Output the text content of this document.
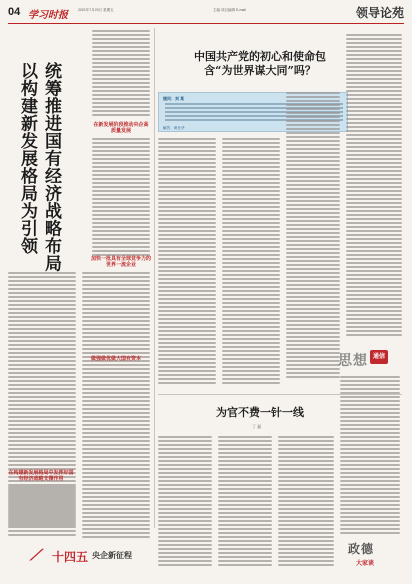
04 学习时报	2021年7月23日 星期五	主编 项目编辑 E-mail	领导论苑
统筹推进国有经济战略布局
以构建新发展格局为引领	在新发展阶段推动央企高质量发展
加快一批具有全球竞争力的世界一流企业
在构建新发展格局中发挥好国有经济战略支撑作用
做强做优做大国有资本
中国共产党的初心和使命包含“为世界谋大同”吗？
提问：刘 某
解答：黄仕华
思想 通信
为官不费一针一线
丁 磊
⟋ 十四五 央企新征程	政德
大家谈
